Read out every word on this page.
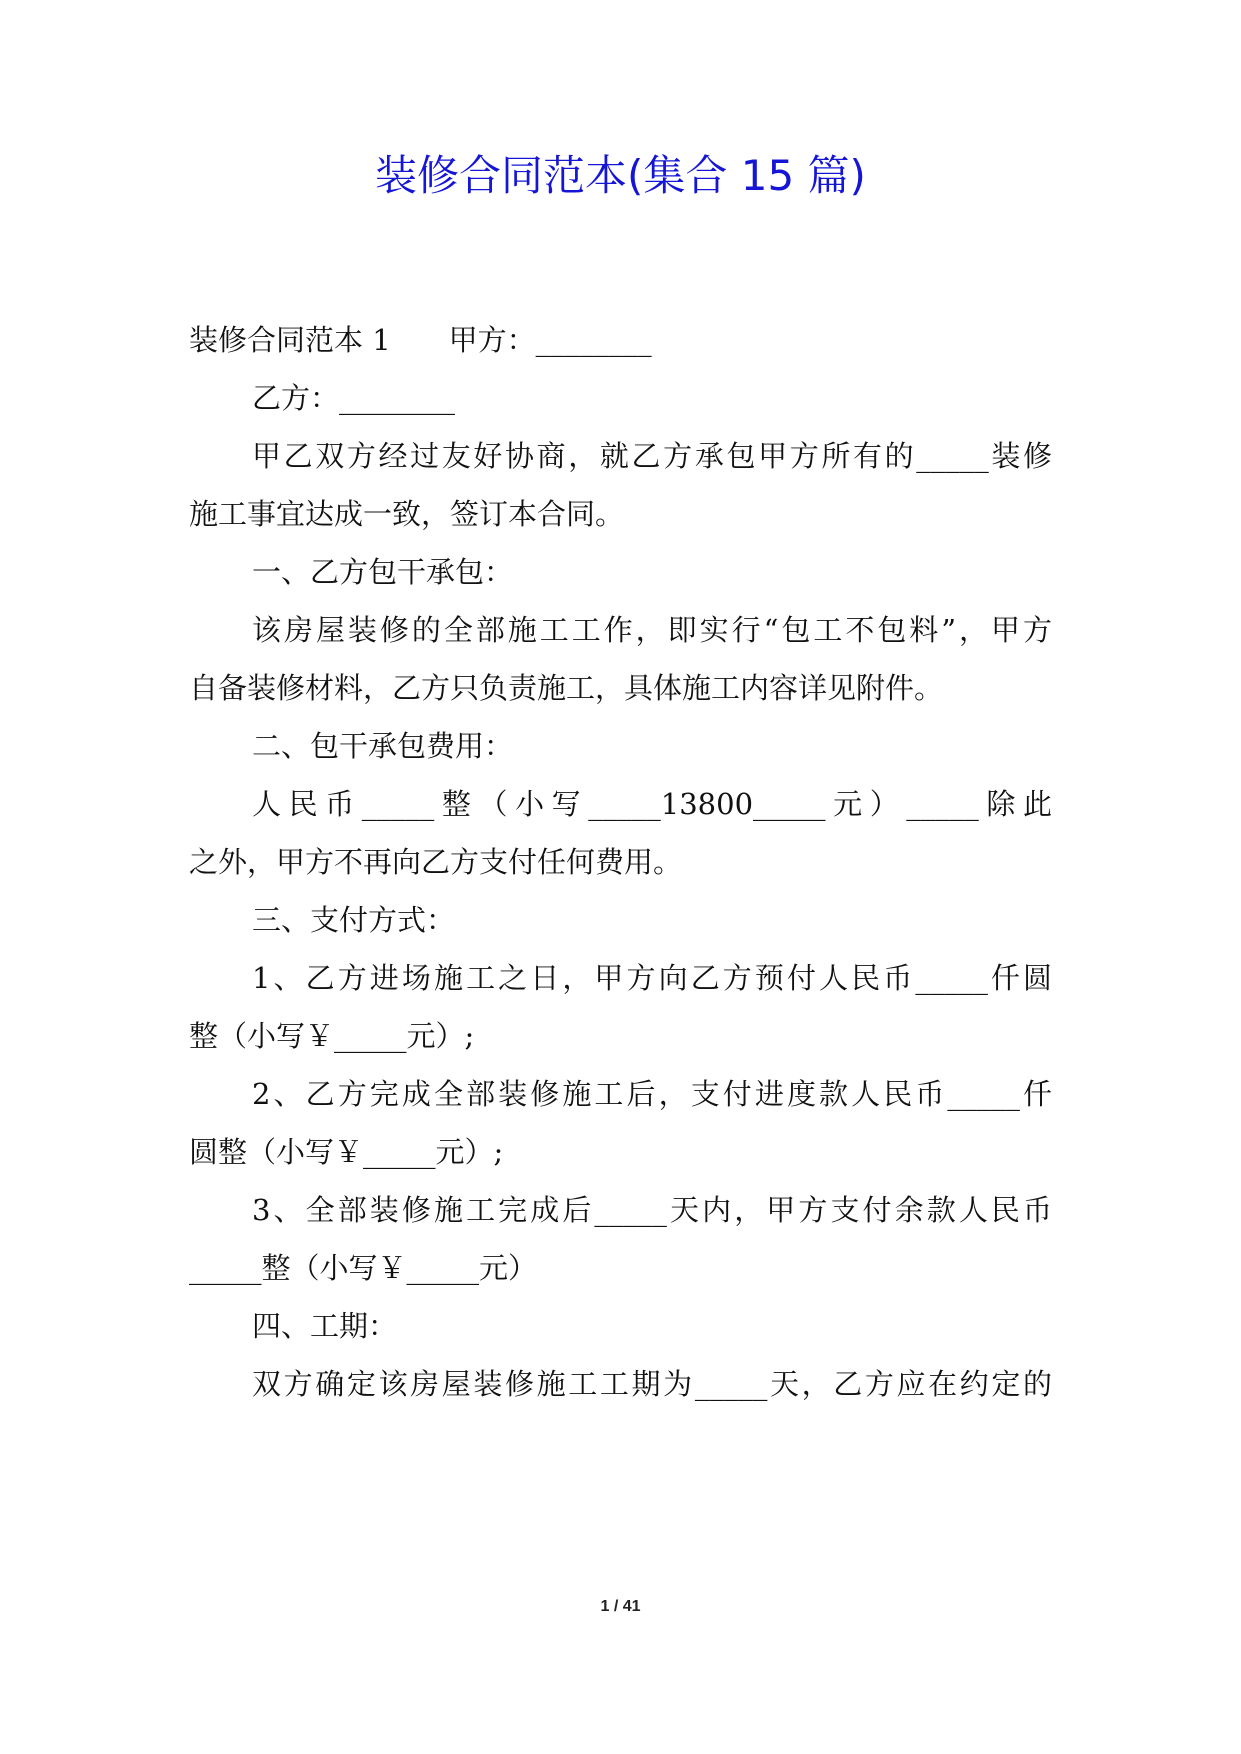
装修合同范本(集合 15 篇)
装修合同范本 1　　甲方：________
乙方：________
甲乙双方经过友好协商，就乙方承包甲方所有的_____装修
施工事宜达成一致，签订本合同。
一、乙方包干承包：
该房屋装修的全部施工工作，即实行“包工不包料”，甲方
自备装修材料，乙方只负责施工，具体施工内容详见附件。
二、包干承包费用：
人民币_____整（小写_____13800_____元）_____除此
之外，甲方不再向乙方支付任何费用。
三、支付方式：
1、乙方进场施工之日，甲方向乙方预付人民币_____仟圆
整（小写￥_____元）;
2、乙方完成全部装修施工后，支付进度款人民币_____仟
圆整（小写￥_____元）;
3、全部装修施工完成后_____天内，甲方支付余款人民币
_____整（小写￥_____元）
四、工期：
双方确定该房屋装修施工工期为_____天，乙方应在约定的
1 / 41
